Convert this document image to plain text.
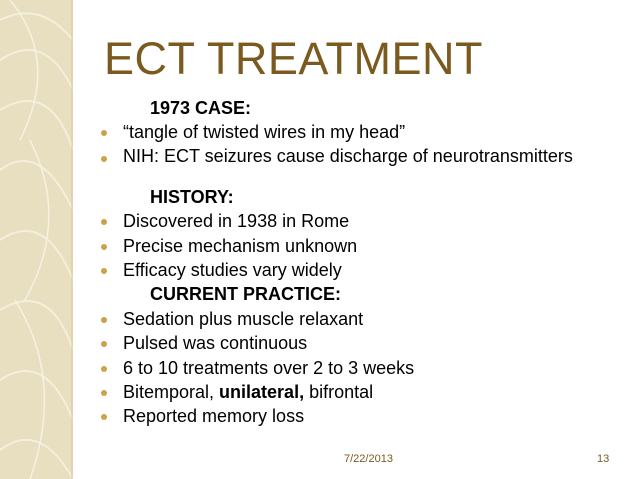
ECT TREATMENT
1973 CASE:
“tangle of twisted wires in my head”
NIH: ECT seizures cause discharge of neurotransmitters
HISTORY:
Discovered in 1938 in Rome
Precise mechanism unknown
Efficacy studies vary widely
CURRENT PRACTICE:
Sedation plus muscle relaxant
Pulsed was continuous
6 to 10 treatments over 2 to 3 weeks
Bitemporal, unilateral, bifrontal
Reported memory loss
7/22/2013	13
